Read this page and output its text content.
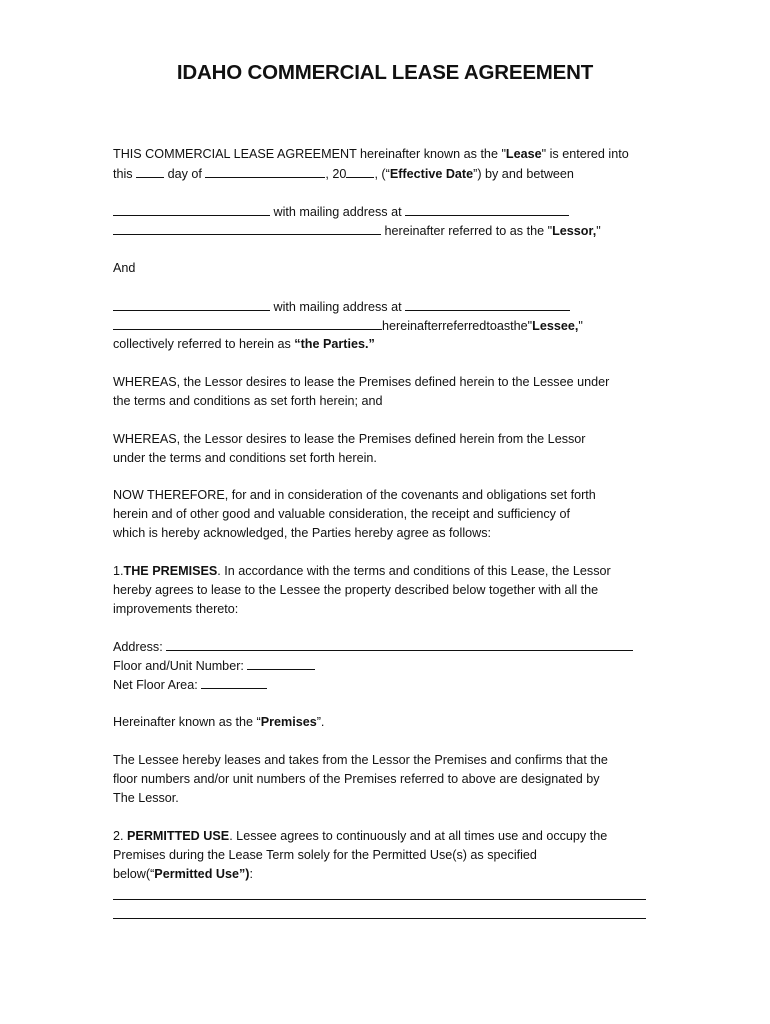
IDAHO COMMERCIAL LEASE AGREEMENT
THIS COMMERCIAL LEASE AGREEMENT hereinafter known as the "Lease" is entered into
this	day of	, 20 , (“Effective Date”) by and between
with mailing address at
hereinafter referred to as the "Lessor,"
And
with mailing address at
hereinafterreferredtoasthe"Lessee,"
collectively referred to herein as “the Parties.”
WHEREAS, the Lessor desires to lease the Premises defined herein to the Lessee under
the terms and conditions as set forth herein; and
WHEREAS, the Lessor desires to lease the Premises defined herein from the Lessor
under the terms and conditions set forth herein.
NOW THEREFORE, for and in consideration of the covenants and obligations set forth
herein and of other good and valuable consideration, the receipt and sufficiency of
which is hereby acknowledged, the Parties hereby agree as follows:
1.THE PREMISES. In accordance with the terms and conditions of this Lease, the Lessor
hereby agrees to lease to the Lessee the property described below together with all the
improvements thereto:
Address:
Floor and/Unit Number:
Net Floor Area:
Hereinafter known as the “Premises”.
The Lessee hereby leases and takes from the Lessor the Premises and confirms that the
floor numbers and/or unit numbers of the Premises referred to above are designated by
The Lessor.
2. PERMITTED USE. Lessee agrees to continuously and at all times use and occupy the
Premises during the Lease Term solely for the Permitted Use(s) as specified
below(“Permitted Use”):
